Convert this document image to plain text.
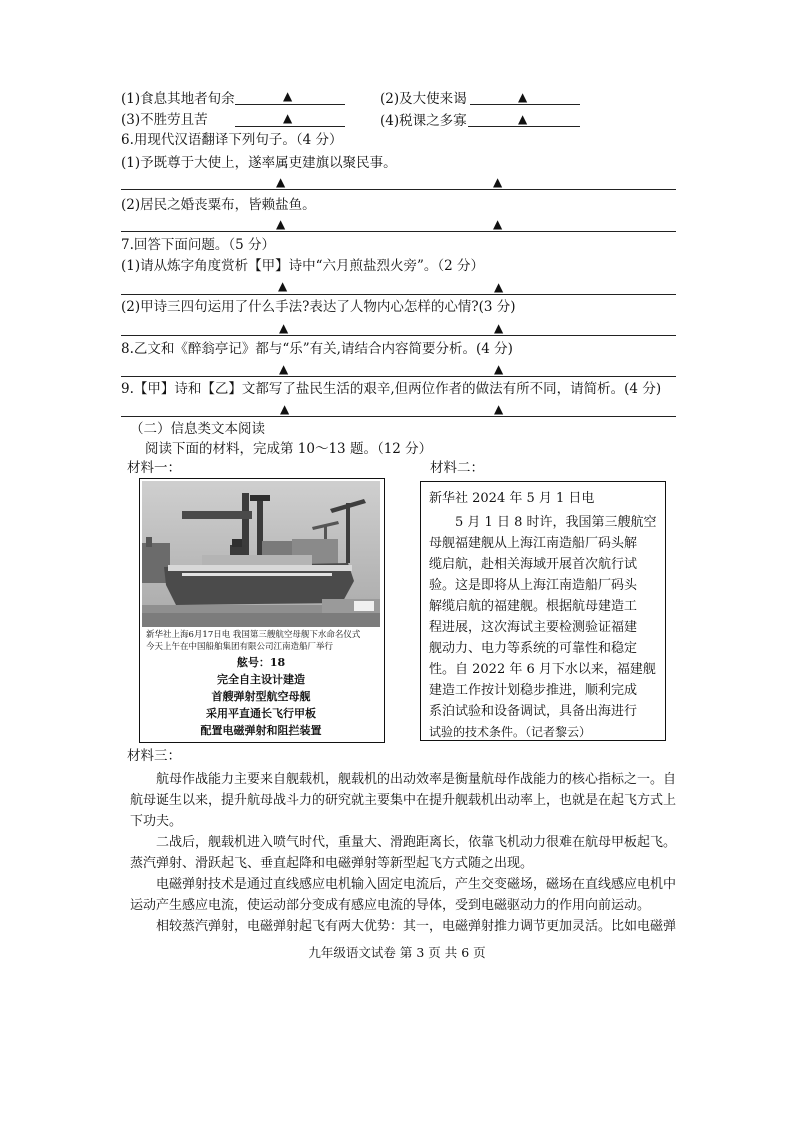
(1)食息其地者旬余	▲	(2)及大使来谒	▲
(3)不胜劳且苦	▲	(4)税课之多寡	▲
6.用现代汉语翻译下列句子。（4 分）
(1)予既尊于大使上，遂率属吏建旗以聚民事。
▲	▲
(2)居民之婚丧粟布，皆赖盐鱼。
▲	▲
7.回答下面问题。（5 分）
(1)请从炼字角度赏析【甲】诗中“六月煎盐烈火旁”。（2 分）
▲	▲
(2)甲诗三四句运用了什么手法?表达了人物内心怎样的心情?(3 分)
▲	▲
8.乙文和《醉翁亭记》都与“乐”有关,请结合内容简要分析。(4 分)
▲	▲
9.【甲】诗和【乙】文都写了盐民生活的艰辛,但两位作者的做法有所不同，请简析。(4 分)
▲	▲
（二）信息类文本阅读
阅读下面的材料，完成第 10～13 题。（12 分）
材料一：	材料二：
新华社上海6月17日电 我国第三艘航空母舰下水命名仪式
今天上午在中国船舶集团有限公司江南造船厂举行
舷号：18
完全自主设计建造
首艘弹射型航空母舰
采用平直通长飞行甲板
配置电磁弹射和阻拦装置
新华社 2024 年 5 月 1 日电
　　5 月 1 日 8 时许，我国第三艘航空
母舰福建舰从上海江南造船厂码头解
缆启航，赴相关海域开展首次航行试
验。这是即将从上海江南造船厂码头
解缆启航的福建舰。根据航母建造工
程进展，这次海试主要检测验证福建
舰动力、电力等系统的可靠性和稳定
性。自 2022 年 6 月下水以来，福建舰
建造工作按计划稳步推进，顺利完成
系泊试验和设备调试，具备出海进行
试验的技术条件。（记者黎云）
材料三：
　　航母作战能力主要来自舰载机，舰载机的出动效率是衡量航母作战能力的核心指标之一。自
航母诞生以来，提升航母战斗力的研究就主要集中在提升舰载机出动率上，也就是在起飞方式上
下功夫。
　　二战后，舰载机进入喷气时代，重量大、滑跑距离长，依靠飞机动力很难在航母甲板起飞。
蒸汽弹射、滑跃起飞、垂直起降和电磁弹射等新型起飞方式随之出现。
　　电磁弹射技术是通过直线感应电机输入固定电流后，产生交变磁场，磁场在直线感应电机中
运动产生感应电流，使运动部分变成有感应电流的导体，受到电磁驱动力的作用向前运动。
　　相较蒸汽弹射，电磁弹射起飞有两大优势：其一，电磁弹射推力调节更加灵活。比如电磁弹
九年级语文试卷 第 3 页 共 6 页
